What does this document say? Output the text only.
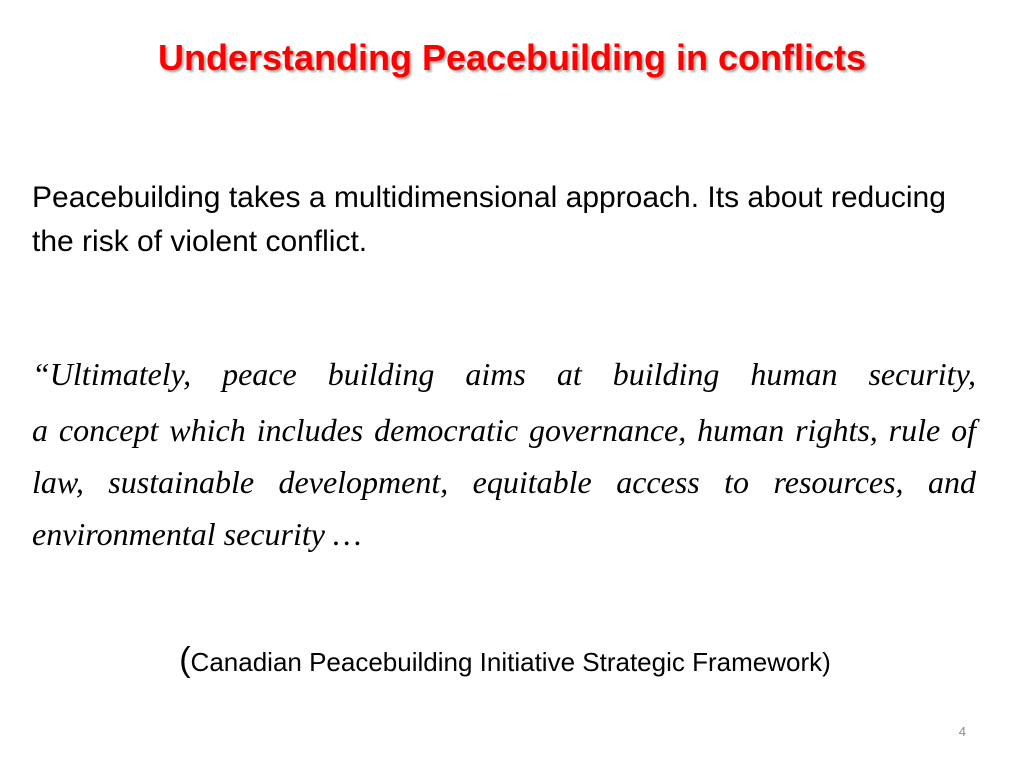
Understanding Peacebuilding in conflicts
Peacebuilding takes a multidimensional approach. Its about reducing the risk of violent conflict.
“Ultimately, peace building aims at building human security,
a concept which includes democratic governance, human rights, rule of law, sustainable development, equitable access to resources, and environmental security …
(Canadian Peacebuilding Initiative Strategic Framework)
4
